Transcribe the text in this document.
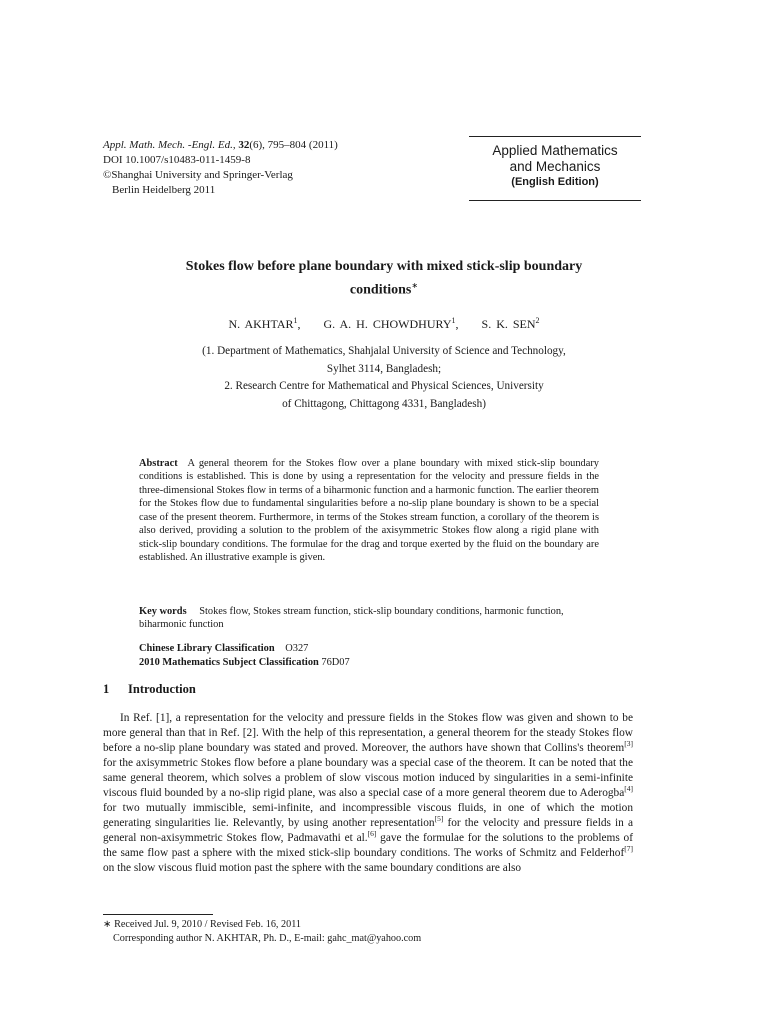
Appl. Math. Mech. -Engl. Ed., 32(6), 795–804 (2011)
DOI 10.1007/s10483-011-1459-8
©Shanghai University and Springer-Verlag
Berlin Heidelberg 2011
Applied Mathematics
and Mechanics
(English Edition)
Stokes flow before plane boundary with mixed stick-slip boundary
conditions∗
N. AKHTAR$^1$, G. A. H. CHOWDHURY$^1$, S. K. SEN$^2$
(1. Department of Mathematics, Shahjalal University of Science and Technology,
Sylhet 3114, Bangladesh;
2. Research Centre for Mathematical and Physical Sciences, University
of Chittagong, Chittagong 4331, Bangladesh)
Abstract A general theorem for the Stokes flow over a plane boundary with mixed stick-slip boundary conditions is established. This is done by using a representation for the velocity and pressure fields in the three-dimensional Stokes flow in terms of a biharmonic function and a harmonic function. The earlier theorem for the Stokes flow due to fundamental singularities before a no-slip plane boundary is shown to be a special case of the present theorem. Furthermore, in terms of the Stokes stream function, a corollary of the theorem is also derived, providing a solution to the problem of the axisymmetric Stokes flow along a rigid plane with stick-slip boundary conditions. The formulae for the drag and torque exerted by the fluid on the boundary are established. An illustrative example is given.
Key words Stokes flow, Stokes stream function, stick-slip boundary conditions, harmonic function, biharmonic function
Chinese Library Classification O327
2010 Mathematics Subject Classification 76D07
1 Introduction

In Ref. [1], a representation for the velocity and pressure fields in the Stokes flow was given and shown to be more general than that in Ref. [2]. With the help of this representation, a general theorem for the steady Stokes flow before a no-slip plane boundary was stated and proved. Moreover, the authors have shown that Collins's theorem[3] for the axisymmetric Stokes flow before a plane boundary was a special case of the theorem. It can be noted that the same general theorem, which solves a problem of slow viscous motion induced by singularities in a semi-infinite viscous fluid bounded by a no-slip rigid plane, was also a special case of a more general theorem due to Aderogba[4] for two mutually immiscible, semi-infinite, and incompressible viscous fluids, in one of which the motion generating singularities lie. Relevantly, by using another representation[5] for the velocity and pressure fields in a general non-axisymmetric Stokes flow, Padmavathi et al.[6] gave the formulae for the solutions to the problems of the same flow past a sphere with the mixed stick-slip boundary conditions. The works of Schmitz and Felderhof[7] on the slow viscous fluid motion past the sphere with the same boundary conditions are also

∗ Received Jul. 9, 2010 / Revised Feb. 16, 2011
Corresponding author N. AKHTAR, Ph. D., E-mail: gahc_mat@yahoo.com
